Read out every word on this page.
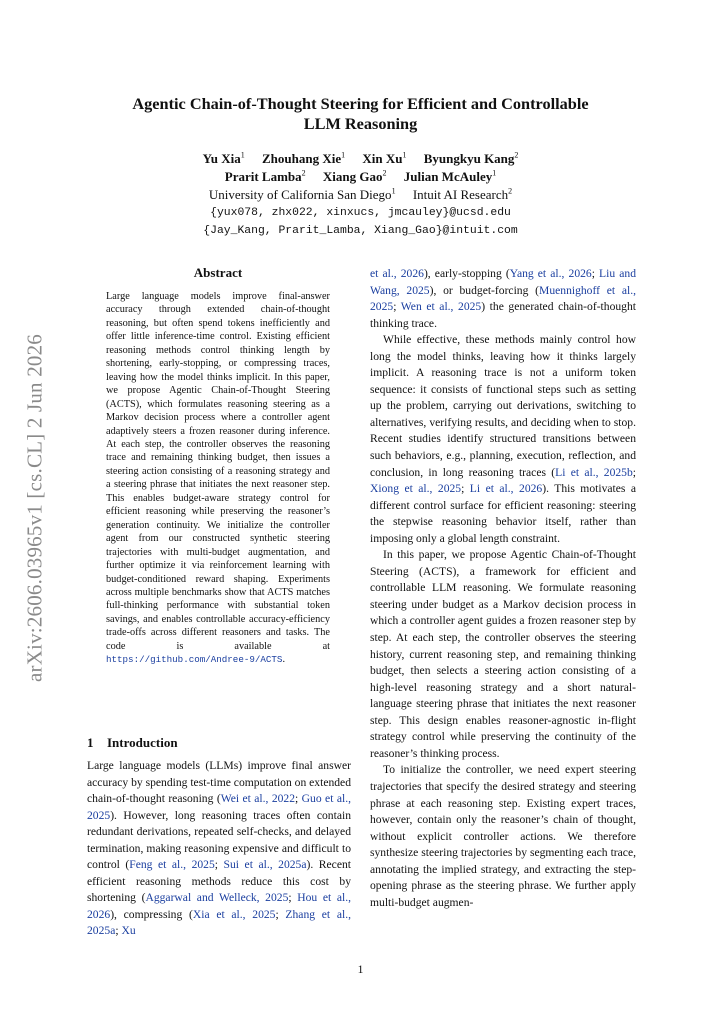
arXiv:2606.03965v1 [cs.CL] 2 Jun 2026
Agentic Chain-of-Thought Steering for Efficient and Controllable
LLM Reasoning
Yu Xia$^1$ Zhouhang Xie$^1$ Xin Xu$^1$ Byungkyu Kang$^2$
Prarit Lamba$^2$ Xiang Gao$^2$ Julian McAuley$^1$
University of California San Diego$^1$ Intuit AI Research$^2$
{yux078, zhx022, xinxucs, jmcauley}@ucsd.edu
{Jay_Kang, Prarit_Lamba, Xiang_Gao}@intuit.com
Abstract
Large language models improve final-answer accuracy through extended chain-of-thought reasoning, but often spend tokens inefficiently and offer little inference-time control. Existing efficient reasoning methods control thinking length by shortening, early-stopping, or compressing traces, leaving how the model thinks implicit. In this paper, we propose Agentic Chain-of-Thought Steering (ACTS), which formulates reasoning steering as a Markov decision process where a controller agent adaptively steers a frozen reasoner during inference. At each step, the controller observes the reasoning trace and remaining thinking budget, then issues a steering action consisting of a reasoning strategy and a steering phrase that initiates the next reasoner step. This enables budget-aware strategy control for efficient reasoning while preserving the reasoner’s generation continuity. We initialize the controller agent from our constructed synthetic steering trajectories with multi-budget augmentation, and further optimize it via reinforcement learning with budget-conditioned reward shaping. Experiments across multiple benchmarks show that ACTS matches full-thinking performance with substantial token savings, and enables controllable accuracy-efficiency trade-offs across different reasoners and tasks. The code is available at https://github.com/Andree-9/ACTS.
1 Introduction

Large language models (LLMs) improve final answer accuracy by spending test-time computation on extended chain-of-thought reasoning (Wei et al., 2022; Guo et al., 2025). However, long reasoning traces often contain redundant derivations, repeated self-checks, and delayed termination, making reasoning expensive and difficult to control (Feng et al., 2025; Sui et al., 2025a). Recent efficient reasoning methods reduce this cost by shortening (Aggarwal and Welleck, 2025; Hou et al., 2026), compressing (Xia et al., 2025; Zhang et al., 2025a; Xu

et al., 2026), early-stopping (Yang et al., 2026; Liu and Wang, 2025), or budget-forcing (Muennighoff et al., 2025; Wen et al., 2025) the generated chain-of-thought thinking trace.

While effective, these methods mainly control how long the model thinks, leaving how it thinks largely implicit. A reasoning trace is not a uniform token sequence: it consists of functional steps such as setting up the problem, carrying out derivations, switching to alternatives, verifying results, and deciding when to stop. Recent studies identify structured transitions between such behaviors, e.g., planning, execution, reflection, and conclusion, in long reasoning traces (Li et al., 2025b; Xiong et al., 2025; Li et al., 2026). This motivates a different control surface for efficient reasoning: steering the stepwise reasoning behavior itself, rather than imposing only a global length constraint.

In this paper, we propose Agentic Chain-of-Thought Steering (ACTS), a framework for efficient and controllable LLM reasoning. We formulate reasoning steering under budget as a Markov decision process in which a controller agent guides a frozen reasoner step by step. At each step, the controller observes the steering history, current reasoning step, and remaining thinking budget, then selects a steering action consisting of a high-level reasoning strategy and a short natural-language steering phrase that initiates the next reasoner step. This design enables reasoner-agnostic in-flight strategy control while preserving the continuity of the reasoner’s thinking process.

To initialize the controller, we need expert steering trajectories that specify the desired strategy and steering phrase at each reasoning step. Existing expert traces, however, contain only the reasoner’s chain of thought, without explicit controller actions. We therefore synthesize steering trajectories by segmenting each trace, annotating the implied strategy, and extracting the step-opening phrase as the steering phrase. We further apply multi-budget augmen-

1
